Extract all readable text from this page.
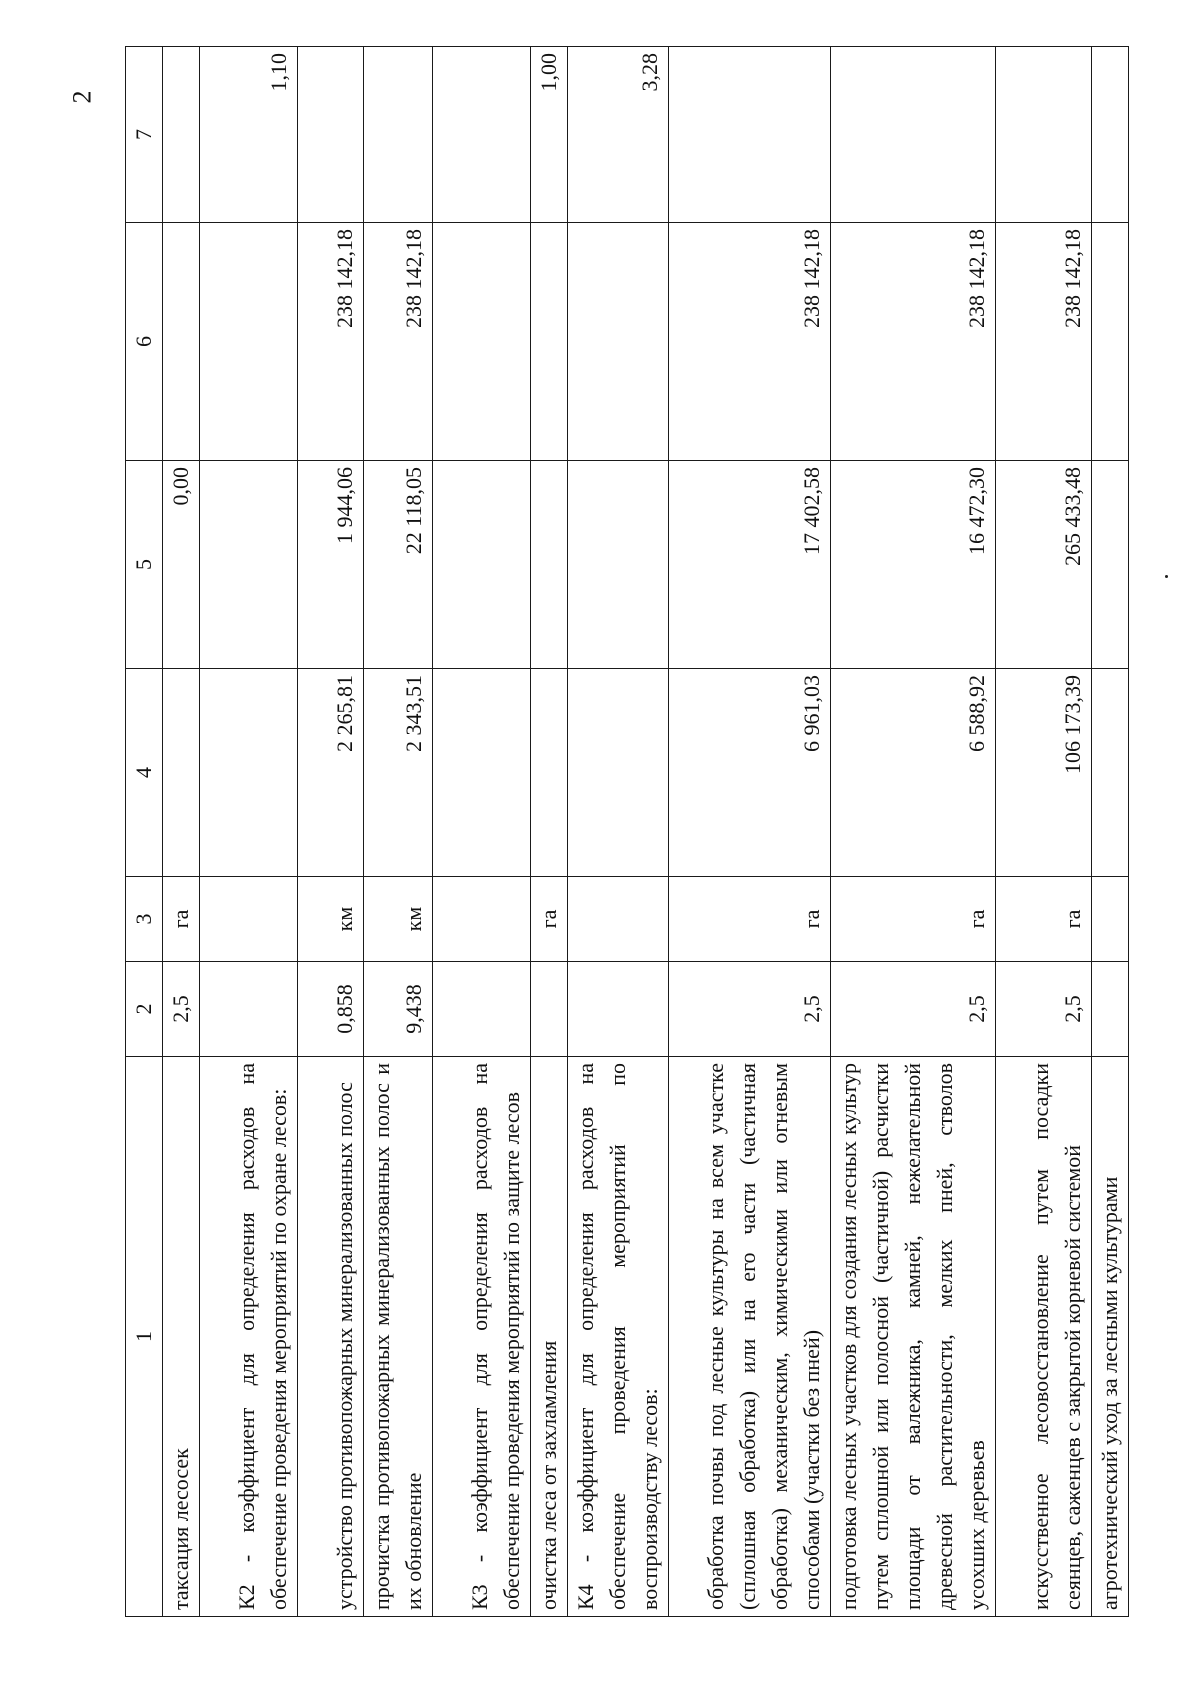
2
1	2	3	4	5	6	7
таксация лесосек	2,5	га		0,00		
К2 - коэффициент для определения расходов на обеспечение проведения мероприятий по охране лесов:						1,10
устройство противопожарных минерализованных полос	0,858	км	2 265,81	1 944,06	238 142,18	
прочистка противопожарных минерализованных полос и их обновление	9,438	км	2 343,51	22 118,05	238 142,18	
К3 - коэффициент для определения расходов на обеспечение проведения мероприятий по защите лесов						
очистка леса от захламления		га				1,00
К4 - коэффициент для определения расходов на обеспечение проведения мероприятий по воспроизводству лесов:						3,28
обработка почвы под лесные культуры на всем участке (сплошная обработка) или на его части (частичная обработка) механическим, химическими или огневым способами (участки без пней)	2,5	га	6 961,03	17 402,58	238 142,18	
подготовка лесных участков для создания лесных культур путем сплошной или полосной (частичной) расчистки площади от валежника, камней, нежелательной древесной растительности, мелких пней, стволов усохших деревьев	2,5	га	6 588,92	16 472,30	238 142,18	
искусственное лесовосстановление путем посадки сеянцев, саженцев с закрытой корневой системой	2,5	га	106 173,39	265 433,48	238 142,18	
агротехнический уход за лесными культурами						
